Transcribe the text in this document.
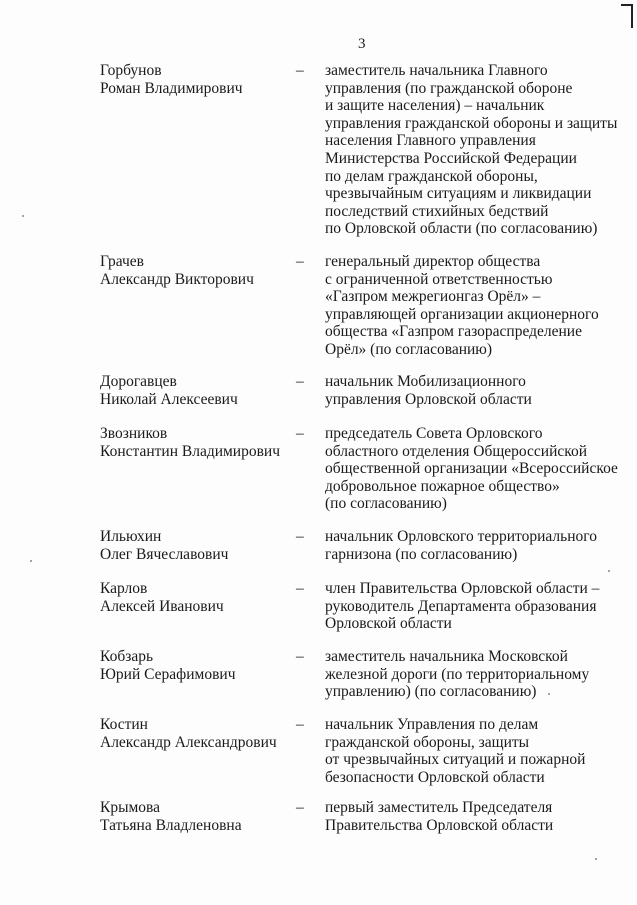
3
Горбунов
Роман Владимирович
– заместитель начальника Главного
управления (по гражданской обороне
и защите населения) – начальник
управления гражданской обороны и защиты
населения Главного управления
Министерства Российской Федерации
по делам гражданской обороны,
чрезвычайным ситуациям и ликвидации
последствий стихийных бедствий
по Орловской области (по согласованию)
Грачев
Александр Викторович
– генеральный директор общества
с ограниченной ответственностью
«Газпром межрегионгаз Орёл» –
управляющей организации акционерного
общества «Газпром газораспределение
Орёл» (по согласованию)
Дорогавцев
Николай Алексеевич
– начальник Мобилизационного
управления Орловской области
Звозников
Константин Владимирович
– председатель Совета Орловского
областного отделения Общероссийской
общественной организации «Всероссийское
добровольное пожарное общество»
(по согласованию)
Ильюхин
Олег Вячеславович
– начальник Орловского территориального
гарнизона (по согласованию)
Карлов
Алексей Иванович
– член Правительства Орловской области –
руководитель Департамента образования
Орловской области
Кобзарь
Юрий Серафимович
– заместитель начальника Московской
железной дороги (по территориальному
управлению) (по согласованию)
Костин
Александр Александрович
– начальник Управления по делам
гражданской обороны, защиты
от чрезвычайных ситуаций и пожарной
безопасности Орловской области
Крымова
Татьяна Владленовна
– первый заместитель Председателя
Правительства Орловской области
